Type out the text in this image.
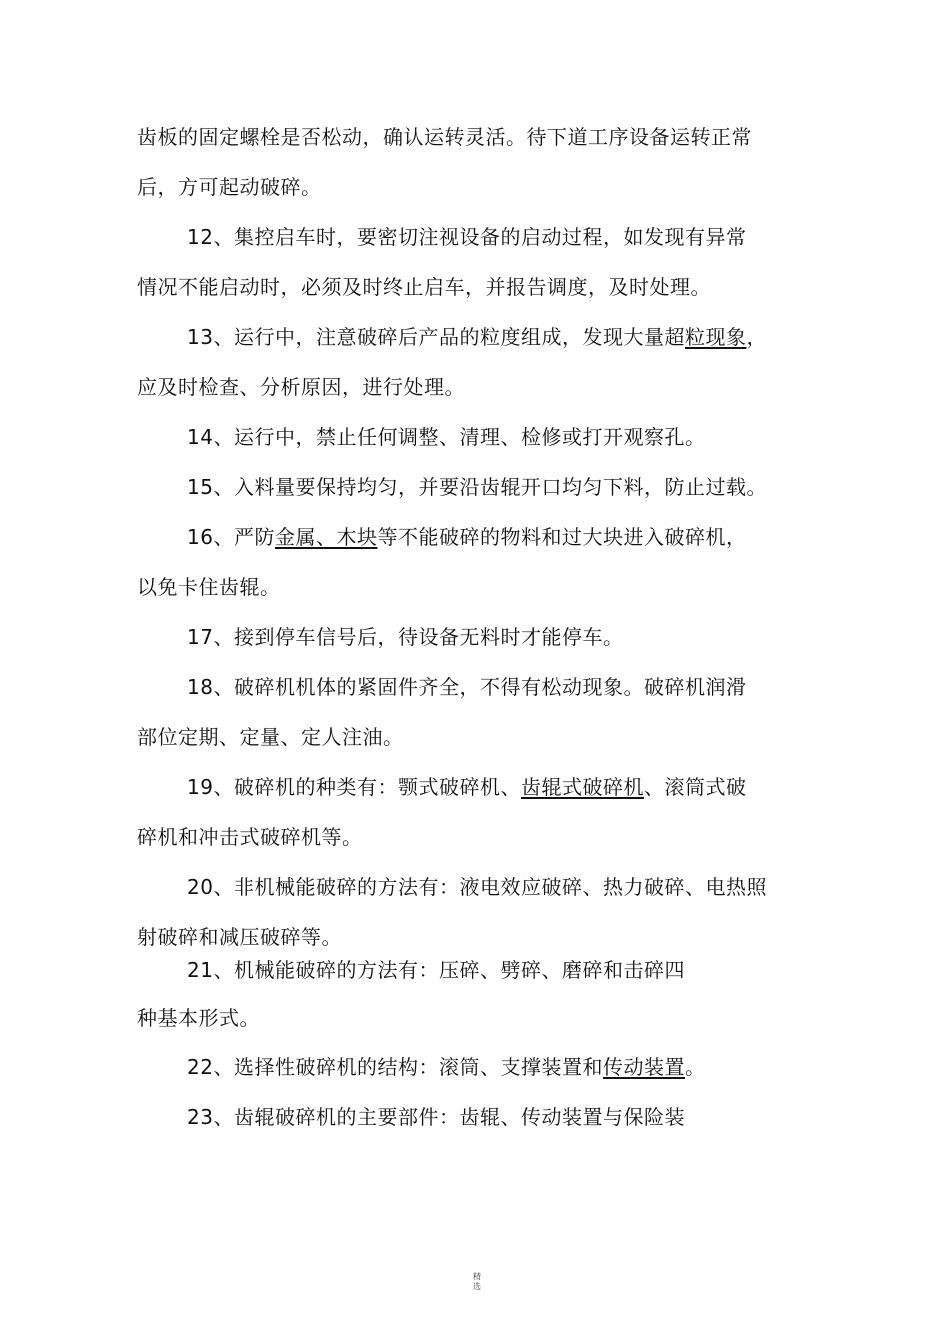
齿板的固定螺栓是否松动，确认运转灵活。待下道工序设备运转正常
后，方可起动破碎。
12、集控启车时，要密切注视设备的启动过程，如发现有异常
情况不能启动时，必须及时终止启车，并报告调度，及时处理。
13、运行中，注意破碎后产品的粒度组成，发现大量超粒现象，
应及时检查、分析原因，进行处理。
14、运行中，禁止任何调整、清理、检修或打开观察孔。
15、入料量要保持均匀，并要沿齿辊开口均匀下料，防止过载。
16、严防金属、木块等不能破碎的物料和过大块进入破碎机，
以免卡住齿辊。
17、接到停车信号后，待设备无料时才能停车。
18、破碎机机体的紧固件齐全，不得有松动现象。破碎机润滑
部位定期、定量、定人注油。
19、破碎机的种类有：颚式破碎机、齿辊式破碎机、滚筒式破
碎机和冲击式破碎机等。
20、非机械能破碎的方法有：液电效应破碎、热力破碎、电热照
射破碎和减压破碎等。
21、机械能破碎的方法有：压碎、劈碎、磨碎和击碎四
种基本形式。
22、选择性破碎机的结构：滚筒、支撑装置和传动装置。
23、齿辊破碎机的主要部件：齿辊、传动装置与保险装
精
选
